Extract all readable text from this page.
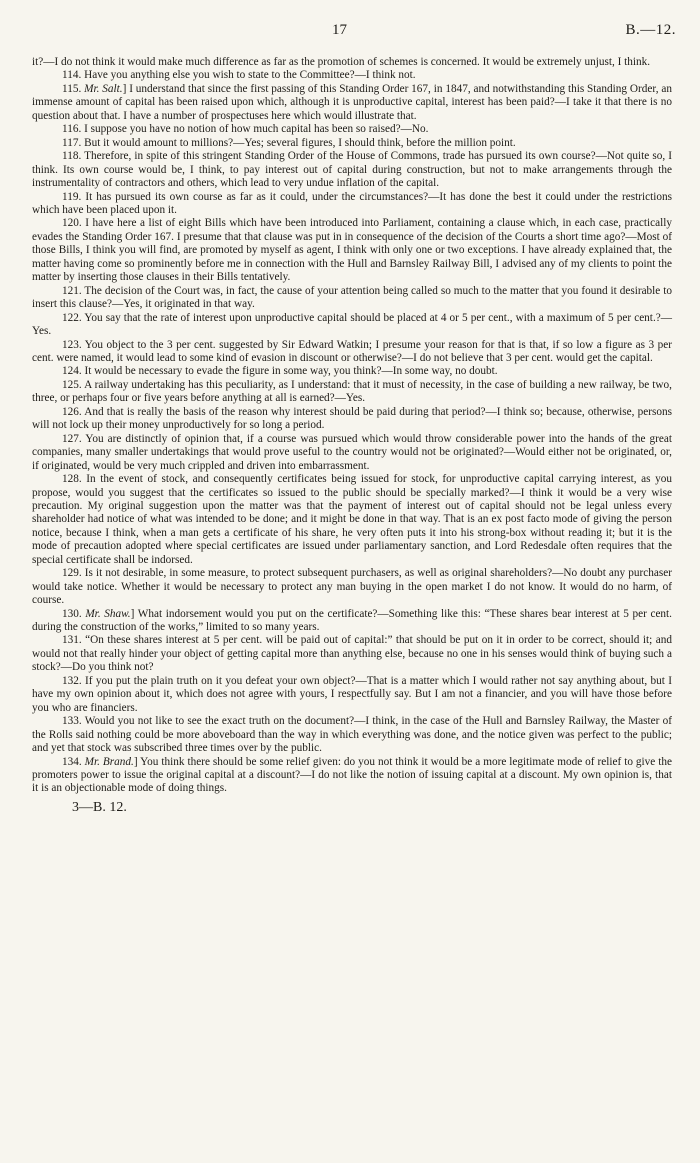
17	B.—12.

it?—I do not think it would make much difference as far as the promotion of schemes is concerned. It would be extremely unjust, I think.

114. Have you anything else you wish to state to the Committee?—I think not.

115. Mr. Salt.] I understand that since the first passing of this Standing Order 167, in 1847, and notwithstanding this Standing Order, an immense amount of capital has been raised upon which, although it is unproductive capital, interest has been paid?—I take it that there is no question about that. I have a number of prospectuses here which would illustrate that.

116. I suppose you have no notion of how much capital has been so raised?—No.

117. But it would amount to millions?—Yes; several figures, I should think, before the million point.

118. Therefore, in spite of this stringent Standing Order of the House of Commons, trade has pursued its own course?—Not quite so, I think. Its own course would be, I think, to pay interest out of capital during construction, but not to make arrangements through the instrumentality of contractors and others, which lead to very undue inflation of the capital.

119. It has pursued its own course as far as it could, under the circumstances?—It has done the best it could under the restrictions which have been placed upon it.

120. I have here a list of eight Bills which have been introduced into Parliament, containing a clause which, in each case, practically evades the Standing Order 167. I presume that that clause was put in in consequence of the decision of the Courts a short time ago?—Most of those Bills, I think you will find, are promoted by myself as agent, I think with only one or two exceptions. I have already explained that, the matter having come so prominently before me in connection with the Hull and Barnsley Railway Bill, I advised any of my clients to point the matter by inserting those clauses in their Bills tentatively.

121. The decision of the Court was, in fact, the cause of your attention being called so much to the matter that you found it desirable to insert this clause?—Yes, it originated in that way.

122. You say that the rate of interest upon unproductive capital should be placed at 4 or 5 per cent., with a maximum of 5 per cent.?—Yes.

123. You object to the 3 per cent. suggested by Sir Edward Watkin; I presume your reason for that is that, if so low a figure as 3 per cent. were named, it would lead to some kind of evasion in discount or otherwise?—I do not believe that 3 per cent. would get the capital.

124. It would be necessary to evade the figure in some way, you think?—In some way, no doubt.

125. A railway undertaking has this peculiarity, as I understand: that it must of necessity, in the case of building a new railway, be two, three, or perhaps four or five years before anything at all is earned?—Yes.

126. And that is really the basis of the reason why interest should be paid during that period?—I think so; because, otherwise, persons will not lock up their money unproductively for so long a period.

127. You are distinctly of opinion that, if a course was pursued which would throw considerable power into the hands of the great companies, many smaller undertakings that would prove useful to the country would not be originated?—Would either not be originated, or, if originated, would be very much crippled and driven into embarrassment.

128. In the event of stock, and consequently certificates being issued for stock, for unproductive capital carrying interest, as you propose, would you suggest that the certificates so issued to the public should be specially marked?—I think it would be a very wise precaution. My original suggestion upon the matter was that the payment of interest out of capital should not be legal unless every shareholder had notice of what was intended to be done; and it might be done in that way. That is an ex post facto mode of giving the person notice, because I think, when a man gets a certificate of his share, he very often puts it into his strong-box without reading it; but it is the mode of precaution adopted where special certificates are issued under parliamentary sanction, and Lord Redesdale often requires that the special certificate shall be indorsed.

129. Is it not desirable, in some measure, to protect subsequent purchasers, as well as original shareholders?—No doubt any purchaser would take notice. Whether it would be necessary to protect any man buying in the open market I do not know. It would do no harm, of course.

130. Mr. Shaw.] What indorsement would you put on the certificate?—Something like this: “These shares bear interest at 5 per cent. during the construction of the works,” limited to so many years.

131. “On these shares interest at 5 per cent. will be paid out of capital:” that should be put on it in order to be correct, should it; and would not that really hinder your object of getting capital more than anything else, because no one in his senses would think of buying such a stock?—Do you think not?

132. If you put the plain truth on it you defeat your own object?—That is a matter which I would rather not say anything about, but I have my own opinion about it, which does not agree with yours, I respectfully say. But I am not a financier, and you will have those before you who are financiers.

133. Would you not like to see the exact truth on the document?—I think, in the case of the Hull and Barnsley Railway, the Master of the Rolls said nothing could be more aboveboard than the way in which everything was done, and the notice given was perfect to the public; and yet that stock was subscribed three times over by the public.

134. Mr. Brand.] You think there should be some relief given: do you not think it would be a more legitimate mode of relief to give the promoters power to issue the original capital at a discount?—I do not like the notion of issuing capital at a discount. My own opinion is, that it is an objectionable mode of doing things.

3—B. 12.
